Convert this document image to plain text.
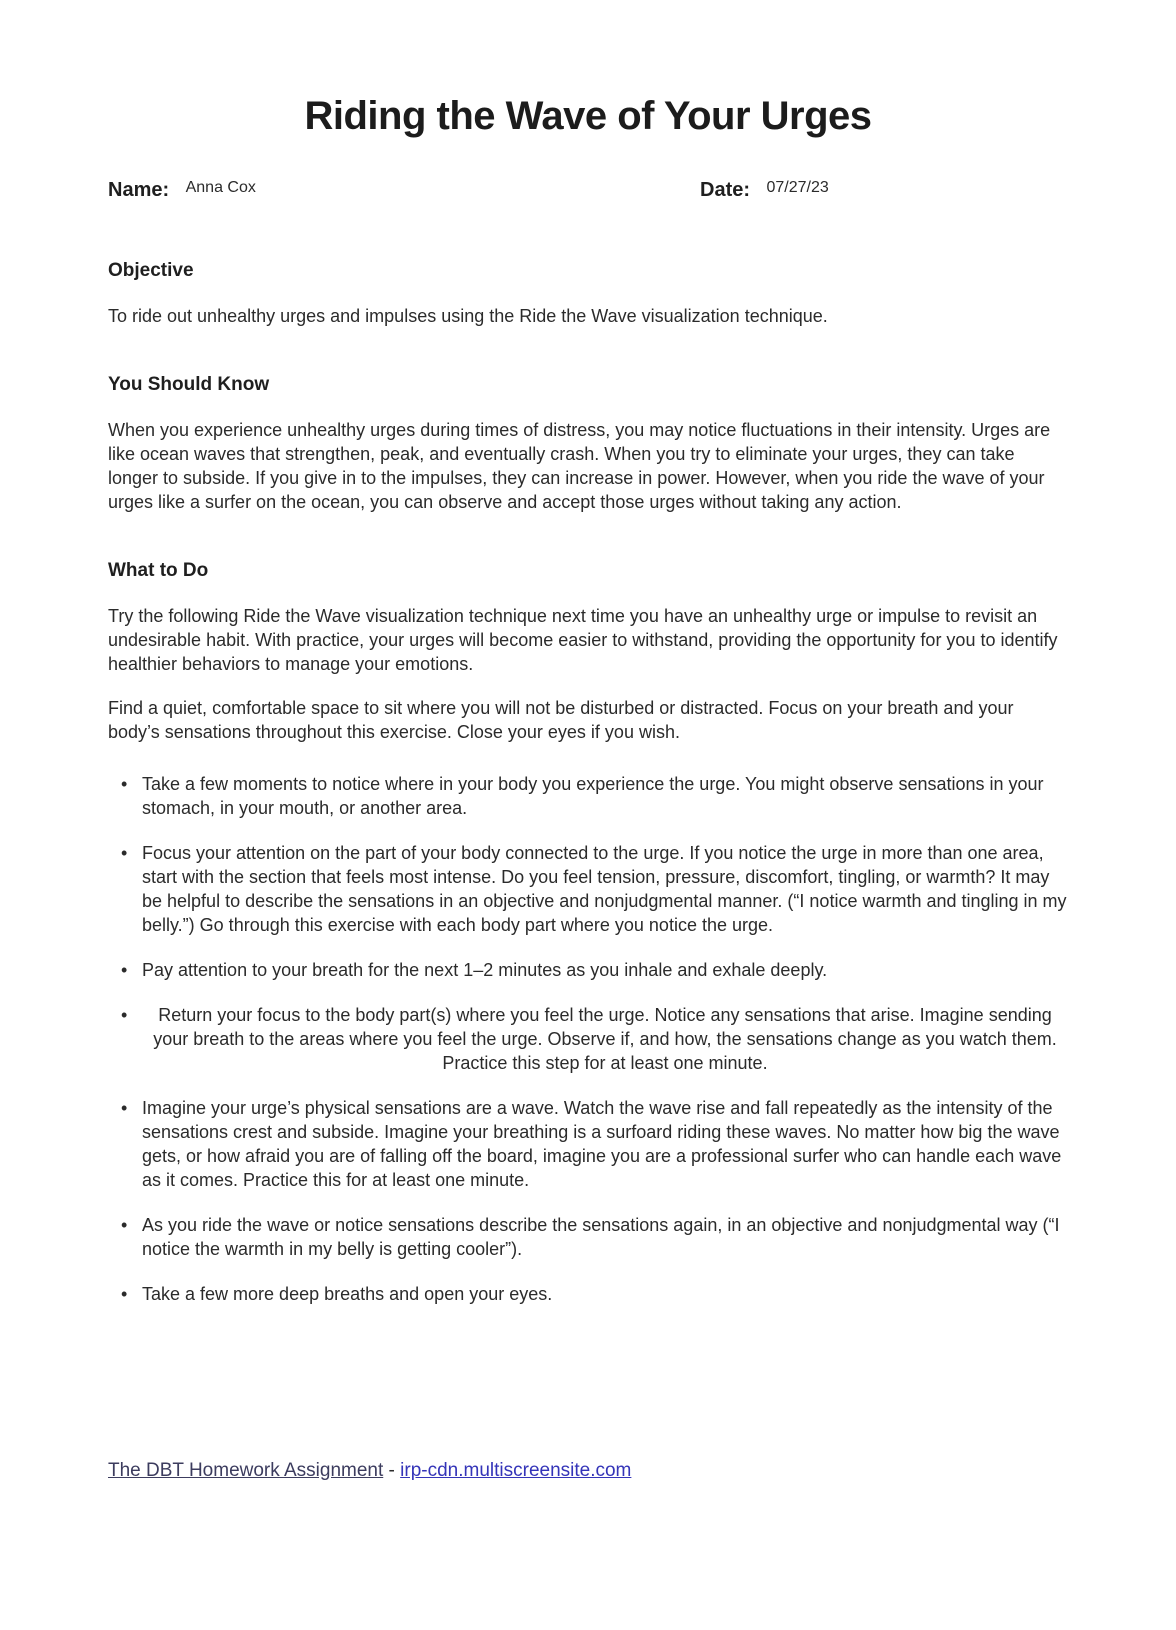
Riding the Wave of Your Urges
Name: Anna Cox	Date: 07/27/23
Objective

To ride out unhealthy urges and impulses using the Ride the Wave visualization technique.

You Should Know

When you experience unhealthy urges during times of distress, you may notice fluctuations in their intensity. Urges are like ocean waves that strengthen, peak, and eventually crash. When you try to eliminate your urges, they can take longer to subside. If you give in to the impulses, they can increase in power. However, when you ride the wave of your urges like a surfer on the ocean, you can observe and accept those urges without taking any action.

What to Do

Try the following Ride the Wave visualization technique next time you have an unhealthy urge or impulse to revisit an undesirable habit. With practice, your urges will become easier to withstand, providing the opportunity for you to identify healthier behaviors to manage your emotions.

Find a quiet, comfortable space to sit where you will not be disturbed or distracted. Focus on your breath and your body’s sensations throughout this exercise. Close your eyes if you wish.

• Take a few moments to notice where in your body you experience the urge. You might observe sensations in your stomach, in your mouth, or another area.
• Focus your attention on the part of your body connected to the urge. If you notice the urge in more than one area, start with the section that feels most intense. Do you feel tension, pressure, discomfort, tingling, or warmth? It may be helpful to describe the sensations in an objective and nonjudgmental manner. (“I notice warmth and tingling in my belly.”) Go through this exercise with each body part where you notice the urge.
• Pay attention to your breath for the next 1–2 minutes as you inhale and exhale deeply.
• Return your focus to the body part(s) where you feel the urge. Notice any sensations that arise. Imagine sending your breath to the areas where you feel the urge. Observe if, and how, the sensations change as you watch them. Practice this step for at least one minute.
• Imagine your urge’s physical sensations are a wave. Watch the wave rise and fall repeatedly as the intensity of the sensations crest and subside. Imagine your breathing is a surfoard riding these waves. No matter how big the wave gets, or how afraid you are of falling off the board, imagine you are a professional surfer who can handle each wave as it comes. Practice this for at least one minute.
• As you ride the wave or notice sensations describe the sensations again, in an objective and nonjudgmental way (“I notice the warmth in my belly is getting cooler”).
• Take a few more deep breaths and open your eyes.
The DBT Homework Assignment - irp-cdn.multiscreensite.com
